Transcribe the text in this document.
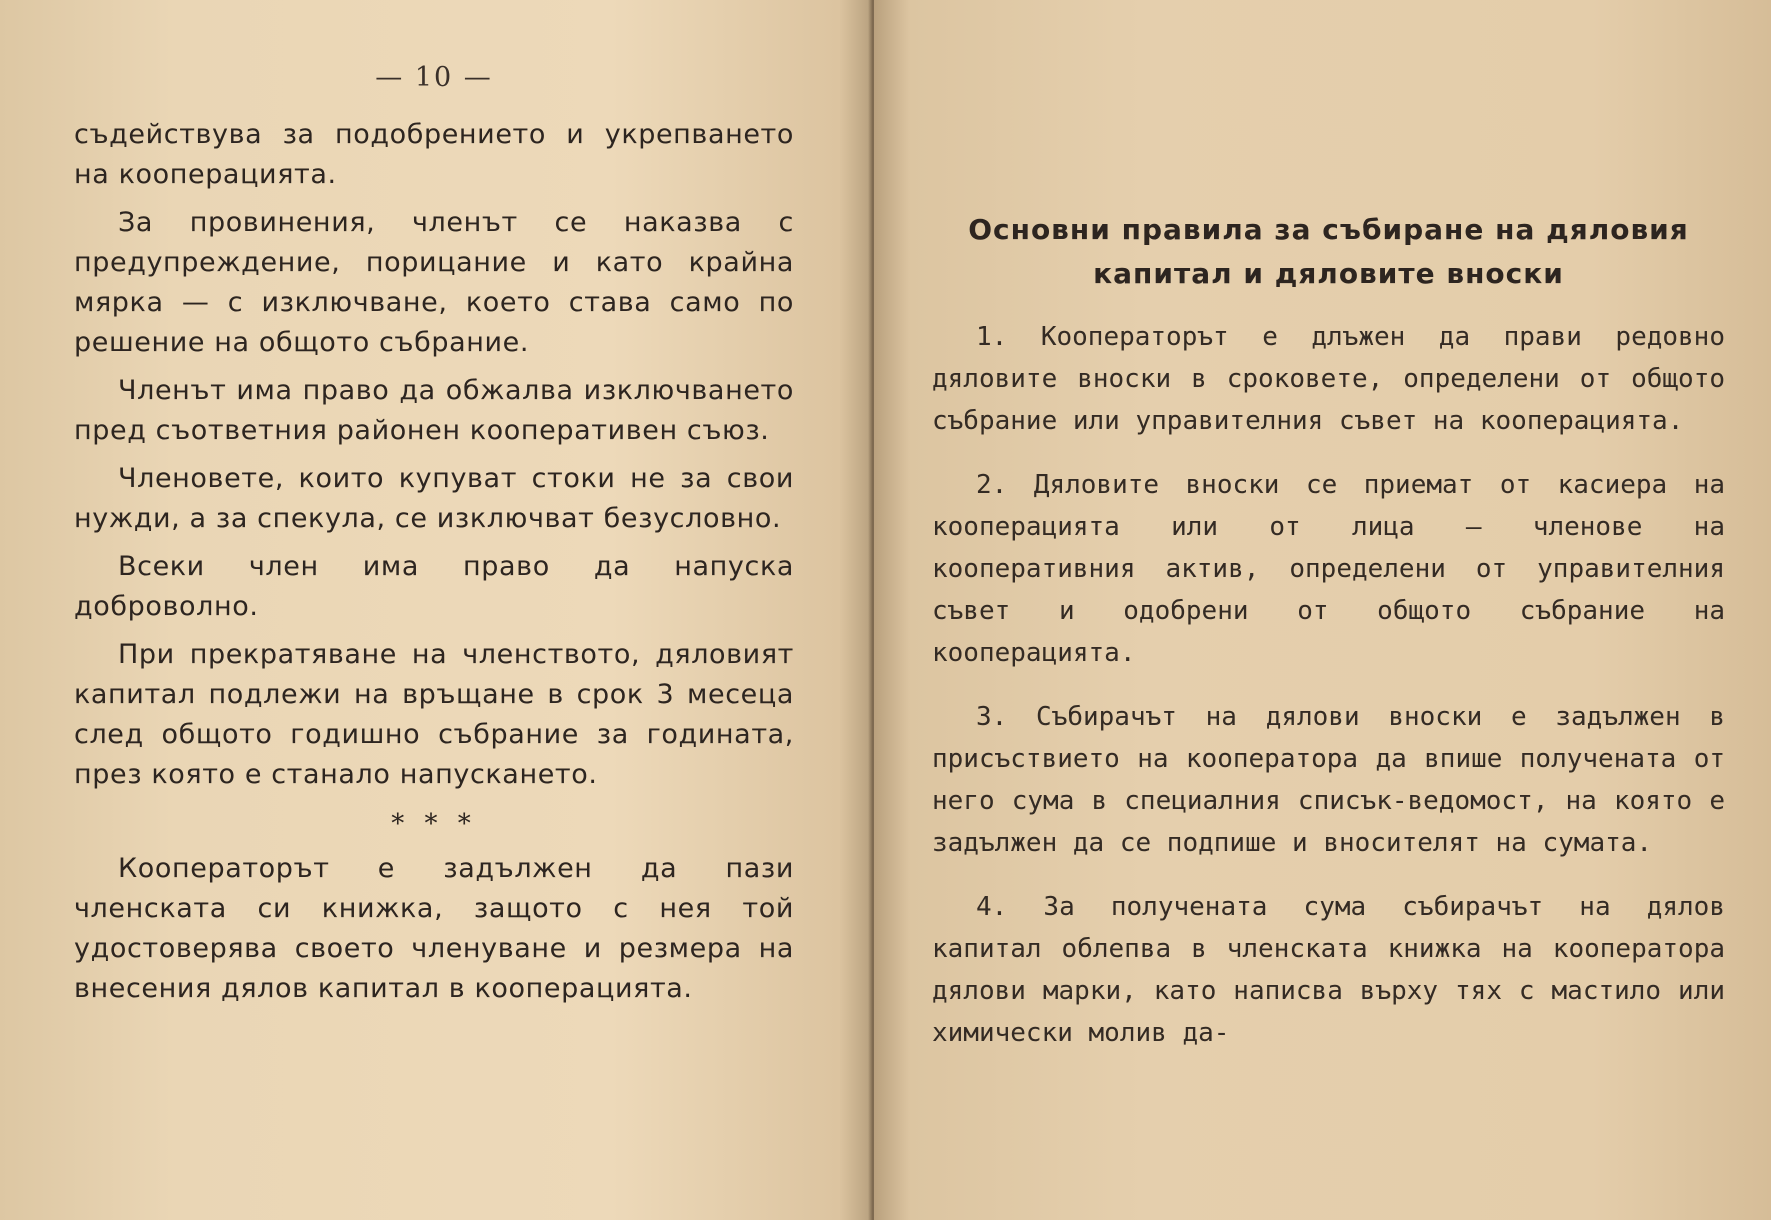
— 10 —

съдействува за подобрението и укрепването на кооперацията.

За провинения, членът се наказва с предупреждение, порицание и като крайна мярка — с изключване, което става само по решение на общото събрание.

Членът има право да обжалва изключването пред съответния районен кооперативен съюз.

Членовете, които купуват стоки не за свои нужди, а за спекула, се изключват безусловно.

Всеки член има право да напуска доброволно.

При прекратяване на членството, дяловият капитал подлежи на връщане в срок 3 месеца след общото годишно събрание за годината, през която е станало напускането.

* * *

Кооператорът е задължен да пази членската си книжка, защото с нея той удостоверява своето членуване и резмера на внесения дялов капитал в кооперацията.

Основни правила за събиране на дяловия капитал и дяловите вноски

1. Кооператорът е длъжен да прави редовно дяловите вноски в сроковете, определени от общото събрание или управителния съвет на кооперацията.

2. Дяловите вноски се приемат от касиера на кооперацията или от лица — членове на кооперативния актив, определени от управителния съвет и одобрени от общото събрание на кооперацията.

3. Събирачът на дялови вноски е задължен в присъствието на кооператора да впише получената от него сума в специалния списък-ведомост, на която е задължен да се подпише и вносителят на сумата.

4. За получената сума събирачът на дялов капитал облепва в членската книжка на кооператора дялови марки, като написва върху тях с мастило или химически молив да-
